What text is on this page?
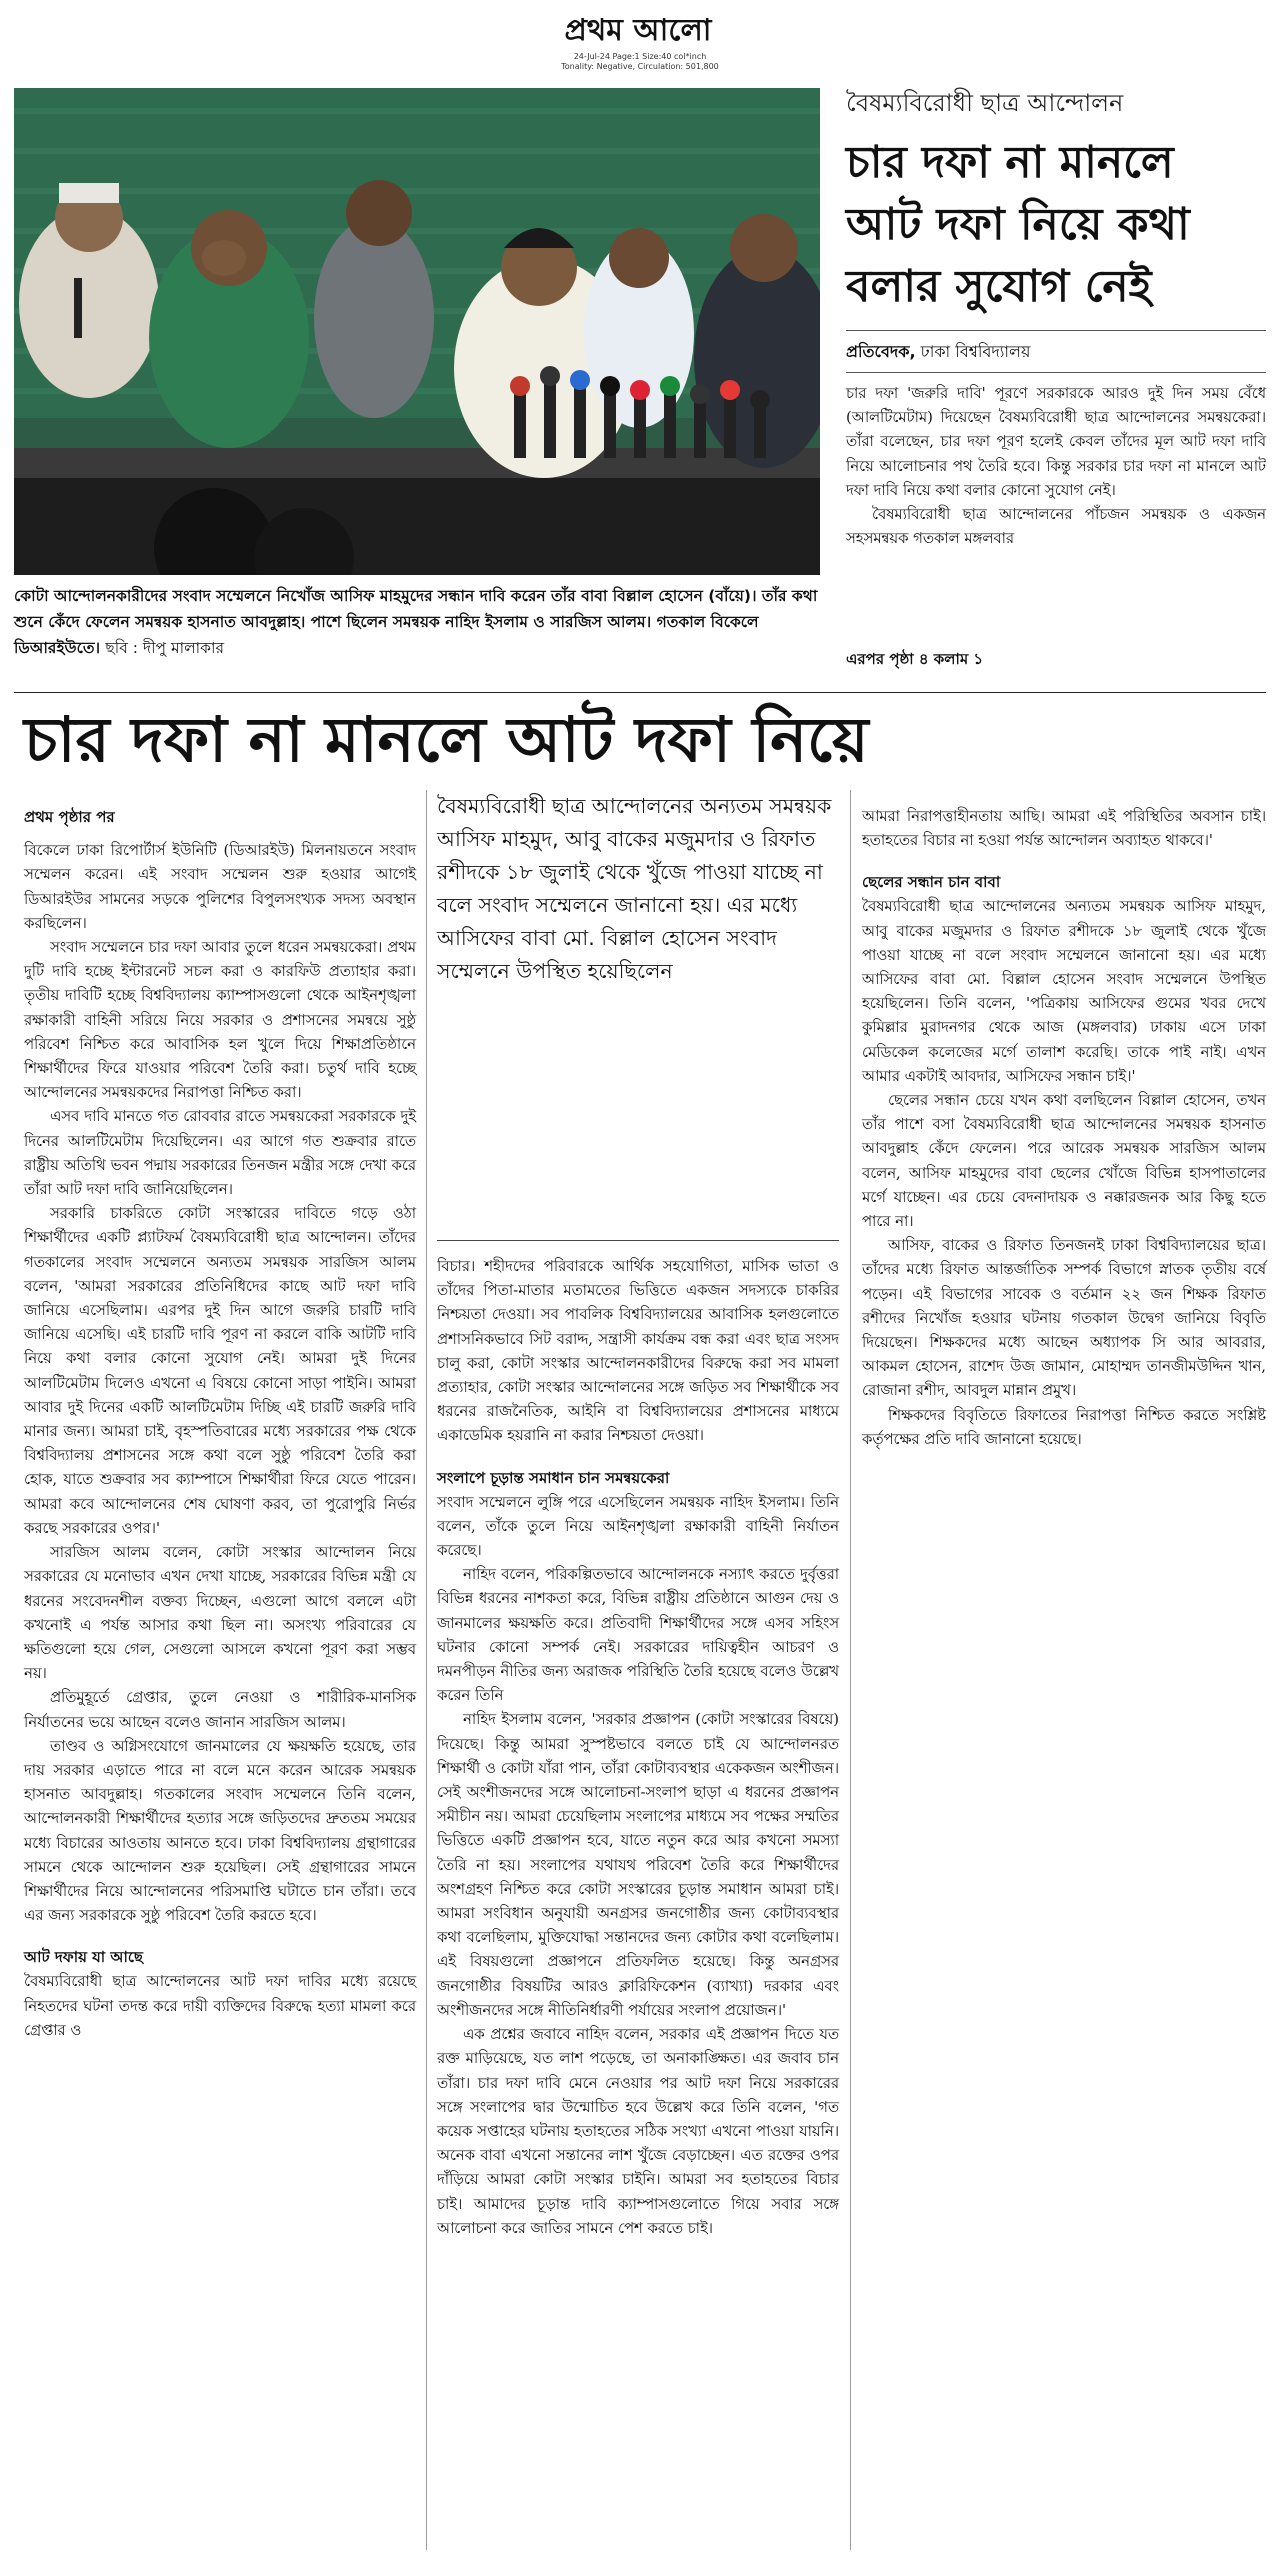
প্রথম আলো
24-Jul-24 Page:1 Size:40 col*inch
Tonality: Negative, Circulation: 501,800
কোটা আন্দোলনকারীদের সংবাদ সম্মেলনে নিখোঁজ আসিফ মাহমুদের সন্ধান দাবি করেন তাঁর বাবা বিল্লাল হোসেন (বাঁয়ে)। তাঁর কথা শুনে কেঁদে ফেলেন সমন্বয়ক হাসনাত আবদুল্লাহ। পাশে ছিলেন সমন্বয়ক নাহিদ ইসলাম ও সারজিস আলম। গতকাল বিকেলে ডিআরইউতে। ছবি : দীপু মালাকার
বৈষম্যবিরোধী ছাত্র আন্দোলন
চার দফা না মানলে
আট দফা নিয়ে কথা
বলার সুযোগ নেই
প্রতিবেদক, ঢাকা বিশ্ববিদ্যালয়

চার দফা 'জরুরি দাবি' পূরণে সরকারকে আরও দুই দিন সময় বেঁধে (আলটিমেটাম) দিয়েছেন বৈষম্যবিরোধী ছাত্র আন্দোলনের সমন্বয়কেরা। তাঁরা বলেছেন, চার দফা পূরণ হলেই কেবল তাঁদের মূল আট দফা দাবি নিয়ে আলোচনার পথ তৈরি হবে। কিন্তু সরকার চার দফা না মানলে আট দফা দাবি নিয়ে কথা বলার কোনো সুযোগ নেই।

বৈষম্যবিরোধী ছাত্র আন্দোলনের পাঁচজন সমন্বয়ক ও একজন সহসমন্বয়ক গতকাল মঙ্গলবার

এরপর পৃষ্ঠা ৪ কলাম ১
চার দফা না মানলে আট দফা নিয়ে

প্রথম পৃষ্ঠার পর

বিকেলে ঢাকা রিপোর্টার্স ইউনিটি (ডিআরইউ) মিলনায়তনে সংবাদ সম্মেলন করেন। এই সংবাদ সম্মেলন শুরু হওয়ার আগেই ডিআরইউর সামনের সড়কে পুলিশের বিপুলসংখ্যক সদস্য অবস্থান করছিলেন।

সংবাদ সম্মেলনে চার দফা আবার তুলে ধরেন সমন্বয়কেরা। প্রথম দুটি দাবি হচ্ছে ইন্টারনেট সচল করা ও কারফিউ প্রত্যাহার করা। তৃতীয় দাবিটি হচ্ছে বিশ্ববিদ্যালয় ক্যাম্পাসগুলো থেকে আইনশৃঙ্খলা রক্ষাকারী বাহিনী সরিয়ে নিয়ে সরকার ও প্রশাসনের সমন্বয়ে সুষ্ঠু পরিবেশ নিশ্চিত করে আবাসিক হল খুলে দিয়ে শিক্ষাপ্রতিষ্ঠানে শিক্ষার্থীদের ফিরে যাওয়ার পরিবেশ তৈরি করা। চতুর্থ দাবি হচ্ছে আন্দোলনের সমন্বয়কদের নিরাপত্তা নিশ্চিত করা।

এসব দাবি মানতে গত রোববার রাতে সমন্বয়কেরা সরকারকে দুই দিনের আলটিমেটাম দিয়েছিলেন। এর আগে গত শুক্রবার রাতে রাষ্ট্রীয় অতিথি ভবন পদ্মায় সরকারের তিনজন মন্ত্রীর সঙ্গে দেখা করে তাঁরা আট দফা দাবি জানিয়েছিলেন।

সরকারি চাকরিতে কোটা সংস্কারের দাবিতে গড়ে ওঠা শিক্ষার্থীদের একটি প্ল্যাটফর্ম বৈষম্যবিরোধী ছাত্র আন্দোলন। তাঁদের গতকালের সংবাদ সম্মেলনে অন্যতম সমন্বয়ক সারজিস আলম বলেন, 'আমরা সরকারের প্রতিনিধিদের কাছে আট দফা দাবি জানিয়ে এসেছিলাম। এরপর দুই দিন আগে জরুরি চারটি দাবি জানিয়ে এসেছি। এই চারটি দাবি পূরণ না করলে বাকি আটটি দাবি নিয়ে কথা বলার কোনো সুযোগ নেই। আমরা দুই দিনের আলটিমেটাম দিলেও এখনো এ বিষয়ে কোনো সাড়া পাইনি। আমরা আবার দুই দিনের একটি আলটিমেটাম দিচ্ছি এই চারটি জরুরি দাবি মানার জন্য। আমরা চাই, বৃহস্পতিবারের মধ্যে সরকারের পক্ষ থেকে বিশ্ববিদ্যালয় প্রশাসনের সঙ্গে কথা বলে সুষ্ঠু পরিবেশ তৈরি করা হোক, যাতে শুক্রবার সব ক্যাম্পাসে শিক্ষার্থীরা ফিরে যেতে পারেন। আমরা কবে আন্দোলনের শেষ ঘোষণা করব, তা পুরোপুরি নির্ভর করছে সরকারের ওপর।'

সারজিস আলম বলেন, কোটা সংস্কার আন্দোলন নিয়ে সরকারের যে মনোভাব এখন দেখা যাচ্ছে, সরকারের বিভিন্ন মন্ত্রী যে ধরনের সংবেদনশীল বক্তব্য দিচ্ছেন, এগুলো আগে বললে এটা কখনোই এ পর্যন্ত আসার কথা ছিল না। অসংখ্য পরিবারের যে ক্ষতিগুলো হয়ে গেল, সেগুলো আসলে কখনো পূরণ করা সম্ভব নয়।

প্রতিমুহূর্তে গ্রেপ্তার, তুলে নেওয়া ও শারীরিক-মানসিক নির্যাতনের ভয়ে আছেন বলেও জানান সারজিস আলম।

তাণ্ডব ও অগ্নিসংযোগে জানমালের যে ক্ষয়ক্ষতি হয়েছে, তার দায় সরকার এড়াতে পারে না বলে মনে করেন আরেক সমন্বয়ক হাসনাত আবদুল্লাহ। গতকালের সংবাদ সম্মেলনে তিনি বলেন, আন্দোলনকারী শিক্ষার্থীদের হত্যার সঙ্গে জড়িতদের দ্রুততম সময়ের মধ্যে বিচারের আওতায় আনতে হবে। ঢাকা বিশ্ববিদ্যালয় গ্রন্থাগারের সামনে থেকে আন্দোলন শুরু হয়েছিল। সেই গ্রন্থাগারের সামনে শিক্ষার্থীদের নিয়ে আন্দোলনের পরিসমাপ্তি ঘটাতে চান তাঁরা। তবে এর জন্য সরকারকে সুষ্ঠু পরিবেশ তৈরি করতে হবে।

আট দফায় যা আছে

বৈষম্যবিরোধী ছাত্র আন্দোলনের আট দফা দাবির মধ্যে রয়েছে নিহতদের ঘটনা তদন্ত করে দায়ী ব্যক্তিদের বিরুদ্ধে হত্যা মামলা করে গ্রেপ্তার ও

বৈষম্যবিরোধী ছাত্র আন্দোলনের অন্যতম সমন্বয়ক আসিফ মাহমুদ, আবু বাকের মজুমদার ও রিফাত রশীদকে ১৮ জুলাই থেকে খুঁজে পাওয়া যাচ্ছে না বলে সংবাদ সম্মেলনে জানানো হয়। এর মধ্যে আসিফের বাবা মো. বিল্লাল হোসেন সংবাদ সম্মেলনে উপস্থিত হয়েছিলেন

বিচার। শহীদদের পরিবারকে আর্থিক সহযোগিতা, মাসিক ভাতা ও তাঁদের পিতা-মাতার মতামতের ভিত্তিতে একজন সদস্যকে চাকরির নিশ্চয়তা দেওয়া। সব পাবলিক বিশ্ববিদ্যালয়ের আবাসিক হলগুলোতে প্রশাসনিকভাবে সিট বরাদ্দ, সন্ত্রাসী কার্যক্রম বন্ধ করা এবং ছাত্র সংসদ চালু করা, কোটা সংস্কার আন্দোলনকারীদের বিরুদ্ধে করা সব মামলা প্রত্যাহার, কোটা সংস্কার আন্দোলনের সঙ্গে জড়িত সব শিক্ষার্থীকে সব ধরনের রাজনৈতিক, আইনি বা বিশ্ববিদ্যালয়ের প্রশাসনের মাধ্যমে একাডেমিক হয়রানি না করার নিশ্চয়তা দেওয়া।

সংলাপে চূড়ান্ত সমাধান চান সমন্বয়কেরা

সংবাদ সম্মেলনে লুঙ্গি পরে এসেছিলেন সমন্বয়ক নাহিদ ইসলাম। তিনি বলেন, তাঁকে তুলে নিয়ে আইনশৃঙ্খলা রক্ষাকারী বাহিনী নির্যাতন করেছে।

নাহিদ বলেন, পরিকল্পিতভাবে আন্দোলনকে নস্যাৎ করতে দুর্বৃত্তরা বিভিন্ন ধরনের নাশকতা করে, বিভিন্ন রাষ্ট্রীয় প্রতিষ্ঠানে আগুন দেয় ও জানমালের ক্ষয়ক্ষতি করে। প্রতিবাদী শিক্ষার্থীদের সঙ্গে এসব সহিংস ঘটনার কোনো সম্পর্ক নেই। সরকারের দায়িত্বহীন আচরণ ও দমনপীড়ন নীতির জন্য অরাজক পরিস্থিতি তৈরি হয়েছে বলেও উল্লেখ করেন তিনি

নাহিদ ইসলাম বলেন, 'সরকার প্রজ্ঞাপন (কোটা সংস্কারের বিষয়ে) দিয়েছে। কিন্তু আমরা সুস্পষ্টভাবে বলতে চাই যে আন্দোলনরত শিক্ষার্থী ও কোটা যাঁরা পান, তাঁরা কোটাব্যবস্থার একেকজন অংশীজন। সেই অংশীজনদের সঙ্গে আলোচনা-সংলাপ ছাড়া এ ধরনের প্রজ্ঞাপন সমীচীন নয়। আমরা চেয়েছিলাম সংলাপের মাধ্যমে সব পক্ষের সম্মতির ভিত্তিতে একটি প্রজ্ঞাপন হবে, যাতে নতুন করে আর কখনো সমস্যা তৈরি না হয়। সংলাপের যথাযথ পরিবেশ তৈরি করে শিক্ষার্থীদের অংশগ্রহণ নিশ্চিত করে কোটা সংস্কারের চূড়ান্ত সমাধান আমরা চাই। আমরা সংবিধান অনুযায়ী অনগ্রসর জনগোষ্ঠীর জন্য কোটাব্যবস্থার কথা বলেছিলাম, মুক্তিযোদ্ধা সন্তানদের জন্য কোটার কথা বলেছিলাম। এই বিষয়গুলো প্রজ্ঞাপনে প্রতিফলিত হয়েছে। কিন্তু অনগ্রসর জনগোষ্ঠীর বিষয়টির আরও ক্লারিফিকেশন (ব্যাখ্যা) দরকার এবং অংশীজনদের সঙ্গে নীতিনির্ধারণী পর্যায়ের সংলাপ প্রয়োজন।'

এক প্রশ্নের জবাবে নাহিদ বলেন, সরকার এই প্রজ্ঞাপন দিতে যত রক্ত মাড়িয়েছে, যত লাশ পড়েছে, তা অনাকাঙ্ক্ষিত। এর জবাব চান তাঁরা। চার দফা দাবি মেনে নেওয়ার পর আট দফা নিয়ে সরকারের সঙ্গে সংলাপের দ্বার উন্মোচিত হবে উল্লেখ করে তিনি বলেন, 'গত কয়েক সপ্তাহের ঘটনায় হতাহতের সঠিক সংখ্যা এখনো পাওয়া যায়নি। অনেক বাবা এখনো সন্তানের লাশ খুঁজে বেড়াচ্ছেন। এত রক্তের ওপর দাঁড়িয়ে আমরা কোটা সংস্কার চাইনি। আমরা সব হতাহতের বিচার চাই। আমাদের চূড়ান্ত দাবি ক্যাম্পাসগুলোতে গিয়ে সবার সঙ্গে আলোচনা করে জাতির সামনে পেশ করতে চাই।

আমরা নিরাপত্তাহীনতায় আছি। আমরা এই পরিস্থিতির অবসান চাই। হতাহতের বিচার না হওয়া পর্যন্ত আন্দোলন অব্যাহত থাকবে।'

ছেলের সন্ধান চান বাবা

বৈষম্যবিরোধী ছাত্র আন্দোলনের অন্যতম সমন্বয়ক আসিফ মাহমুদ, আবু বাকের মজুমদার ও রিফাত রশীদকে ১৮ জুলাই থেকে খুঁজে পাওয়া যাচ্ছে না বলে সংবাদ সম্মেলনে জানানো হয়। এর মধ্যে আসিফের বাবা মো. বিল্লাল হোসেন সংবাদ সম্মেলনে উপস্থিত হয়েছিলেন। তিনি বলেন, 'পত্রিকায় আসিফের গুমের খবর দেখে কুমিল্লার মুরাদনগর থেকে আজ (মঙ্গলবার) ঢাকায় এসে ঢাকা মেডিকেল কলেজের মর্গে তালাশ করেছি। তাকে পাই নাই। এখন আমার একটাই আবদার, আসিফের সন্ধান চাই।'

ছেলের সন্ধান চেয়ে যখন কথা বলছিলেন বিল্লাল হোসেন, তখন তাঁর পাশে বসা বৈষম্যবিরোধী ছাত্র আন্দোলনের সমন্বয়ক হাসনাত আবদুল্লাহ কেঁদে ফেলেন। পরে আরেক সমন্বয়ক সারজিস আলম বলেন, আসিফ মাহমুদের বাবা ছেলের খোঁজে বিভিন্ন হাসপাতালের মর্গে যাচ্ছেন। এর চেয়ে বেদনাদায়ক ও নক্কারজনক আর কিছু হতে পারে না।

আসিফ, বাকের ও রিফাত তিনজনই ঢাকা বিশ্ববিদ্যালয়ের ছাত্র। তাঁদের মধ্যে রিফাত আন্তর্জাতিক সম্পর্ক বিভাগে স্নাতক তৃতীয় বর্ষে পড়েন। এই বিভাগের সাবেক ও বর্তমান ২২ জন শিক্ষক রিফাত রশীদের নিখোঁজ হওয়ার ঘটনায় গতকাল উদ্বেগ জানিয়ে বিবৃতি দিয়েছেন। শিক্ষকদের মধ্যে আছেন অধ্যাপক সি আর আবরার, আকমল হোসেন, রাশেদ উজ জামান, মোহাম্মদ তানজীমউদ্দিন খান, রোজানা রশীদ, আবদুল মান্নান প্রমুখ।

শিক্ষকদের বিবৃতিতে রিফাতের নিরাপত্তা নিশ্চিত করতে সংশ্লিষ্ট কর্তৃপক্ষের প্রতি দাবি জানানো হয়েছে।
